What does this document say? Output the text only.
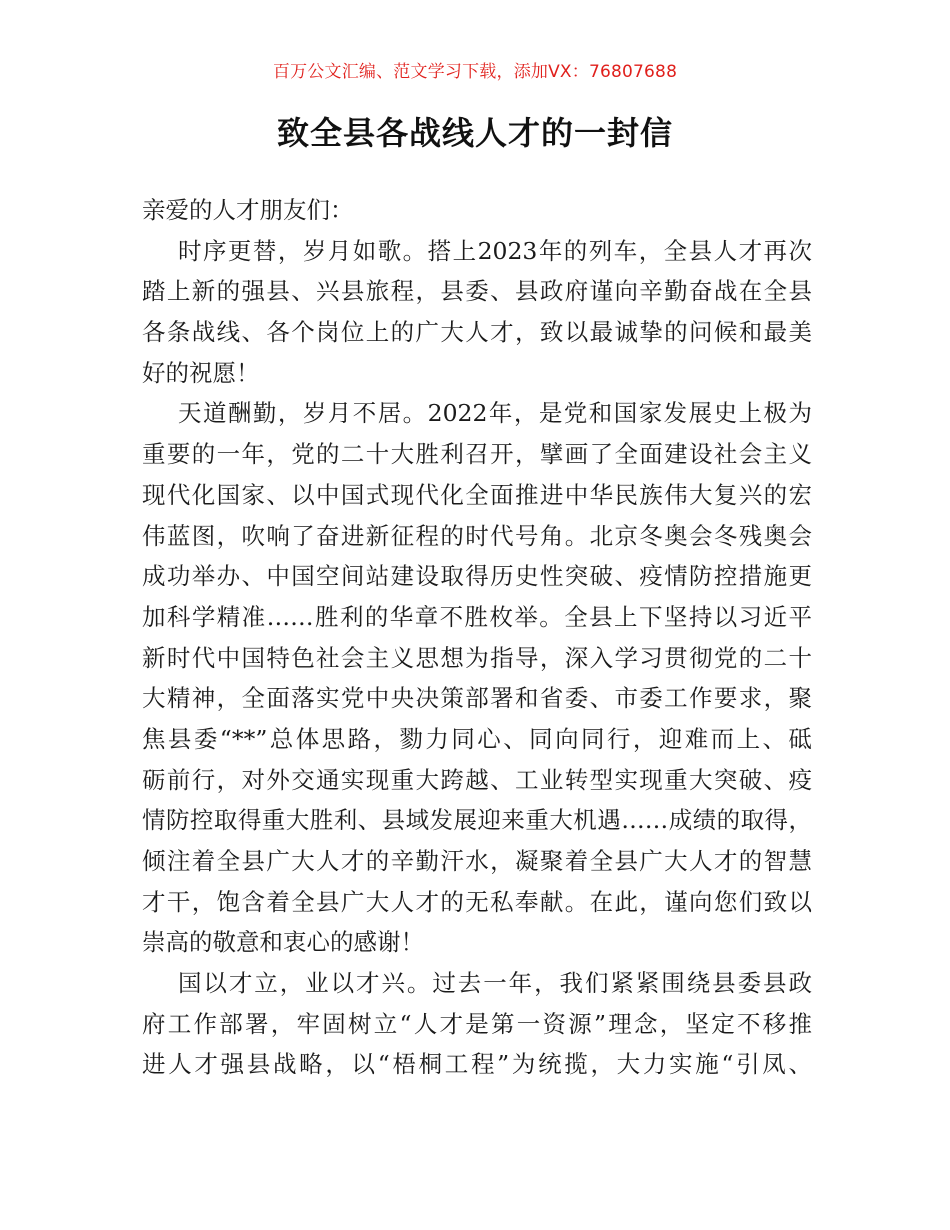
百万公文汇编、范文学习下载，添加VX：76807688
致全县各战线人才的一封信
亲爱的人才朋友们：
时序更替，岁月如歌。搭上2023年的列车，全县人才再次
踏上新的强县、兴县旅程，县委、县政府谨向辛勤奋战在全县
各条战线、各个岗位上的广大人才，致以最诚挚的问候和最美
好的祝愿！
天道酬勤，岁月不居。2022年，是党和国家发展史上极为
重要的一年，党的二十大胜利召开，擘画了全面建设社会主义
现代化国家、以中国式现代化全面推进中华民族伟大复兴的宏
伟蓝图，吹响了奋进新征程的时代号角。北京冬奥会冬残奥会
成功举办、中国空间站建设取得历史性突破、疫情防控措施更
加科学精准……胜利的华章不胜枚举。全县上下坚持以习近平
新时代中国特色社会主义思想为指导，深入学习贯彻党的二十
大精神，全面落实党中央决策部署和省委、市委工作要求，聚
焦县委“**”总体思路，勠力同心、同向同行，迎难而上、砥
砺前行，对外交通实现重大跨越、工业转型实现重大突破、疫
情防控取得重大胜利、县域发展迎来重大机遇……成绩的取得，
倾注着全县广大人才的辛勤汗水，凝聚着全县广大人才的智慧
才干，饱含着全县广大人才的无私奉献。在此，谨向您们致以
崇高的敬意和衷心的感谢！
国以才立，业以才兴。过去一年，我们紧紧围绕县委县政
府工作部署，牢固树立“人才是第一资源”理念，坚定不移推
进人才强县战略，以“梧桐工程”为统揽，大力实施“引凤、
